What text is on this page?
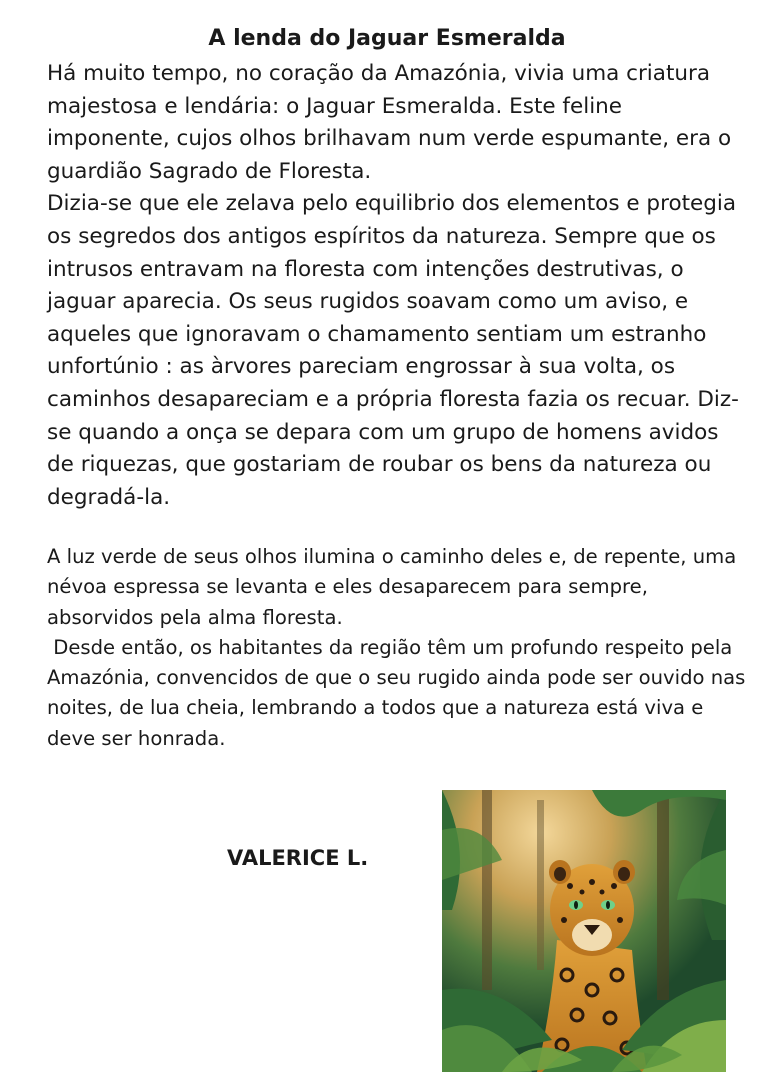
A lenda do Jaguar Esmeralda

Há muito tempo, no coração da Amazónia, vivia uma criatura majestosa e lendária: o Jaguar Esmeralda. Este feline imponente, cujos olhos brilhavam num verde espumante, era o guardião Sagrado de Floresta.

Dizia-se que ele zelava pelo equilibrio dos elementos e protegia os segredos dos antigos espíritos da natureza. Sempre que os intrusos entravam na floresta com intenções destrutivas, o jaguar aparecia. Os seus rugidos soavam como um aviso, e aqueles que ignoravam o chamamento sentiam um estranho unfortúnio : as àrvores pareciam engrossar à sua volta, os caminhos desapareciam e a própria floresta fazia os recuar. Diz-se quando a onça se depara com um grupo de homens avidos de riquezas, que gostariam de roubar os bens da natureza ou degradá-la.

A luz verde de seus olhos ilumina o caminho deles e, de repente, uma névoa espressa se levanta e eles desaparecem para sempre, absorvidos pela alma floresta.

Desde então, os habitantes da região têm um profundo respeito pela Amazónia, convencidos de que o seu rugido ainda pode ser ouvido nas noites, de lua cheia, lembrando a todos que a natureza está viva e deve ser honrada.

VALERICE L.
